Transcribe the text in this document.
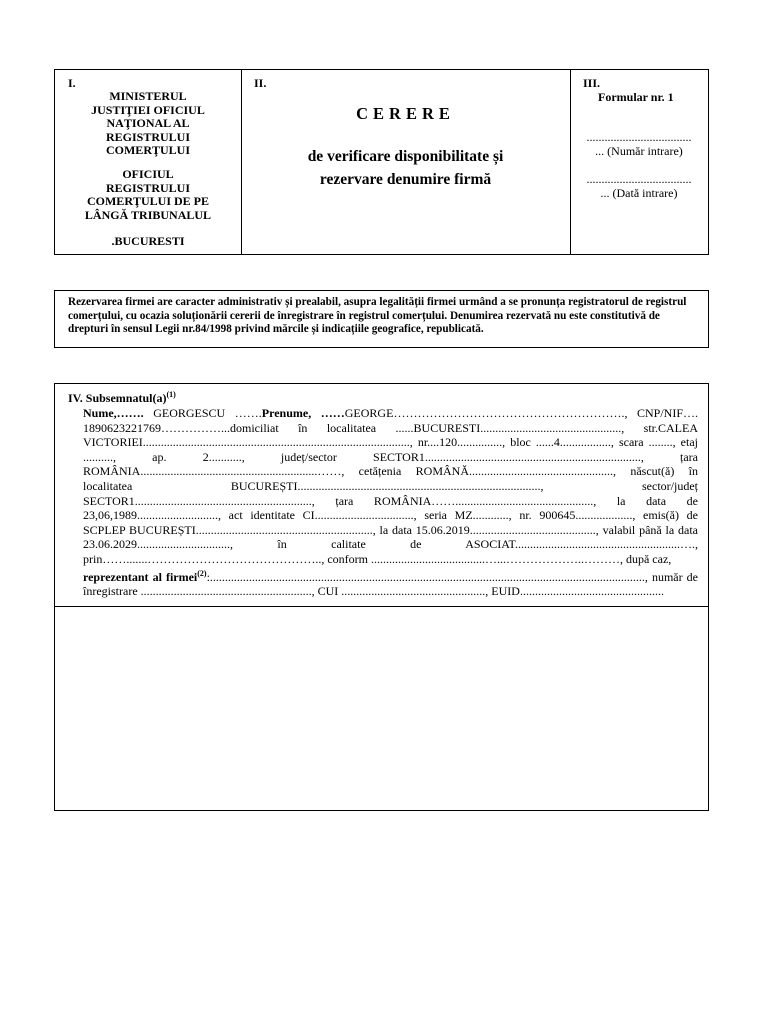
I.
MINISTERUL
JUSTIŢIEI OFICIUL
NAŢIONAL AL
REGISTRULUI
COMERŢULUI
OFICIUL
REGISTRULUI
COMERŢULUI DE PE
LÂNGĂ TRIBUNALUL
.BUCURESTI
II.
CERERE
de verificare disponibilitate și
rezervare denumire firmă
III.
Formular nr. 1
...................................
... (Număr intrare)
...................................
... (Dată intrare)
Rezervarea firmei are caracter administrativ și prealabil, asupra legalității firmei urmând a se pronunța registratorul de registrul comerțului, cu ocazia soluționării cererii de înregistrare în registrul comerțului. Denumirea rezervată nu este constitutivă de drepturi în sensul Legii nr.84/1998 privind mărcile și indicațiile geografice, republicată.
IV. $Subsemnatul(a)^{(1)}$

Nume,……. GEORGESCU …….Prenume, ……GEORGE…………………………………………………., CNP/NIF…. 1890623221769……………...domiciliat în localitatea ......BUCURESTI..............................................., str.CALEA VICTORIEI........................................................................................., nr....120..............., bloc ......4................., scara ........, etaj .........., ap. 2..........., județ/sector SECTOR1........................................................................, țara ROMÂNIA...........................................................……, cetățenia ROMÂNĂ................................................, născut(ă) în localitatea BUCUREȘTI................................................................................., sector/județ SECTOR1..........................................................., țara ROMÂNIA…….............................................., la data de 23,06,1989..........................., act identitate CI................................., seria MZ............, nr. 900645..................., emis(ă) de SCPLEP BUCUREȘTI..........................................................., la data 15.06.2019.........................................., valabil până la data 23.06.2029..............................., în calitate de ASOCIAT.......................................................…., prin…….......…………………………………….., conform ......................................…...………………..………, după caz,

reprezentant al firmei$^{(2)}$:................................................................................................................................................., număr de înregistrare ........................................................., CUI ................................................, EUID................................................
